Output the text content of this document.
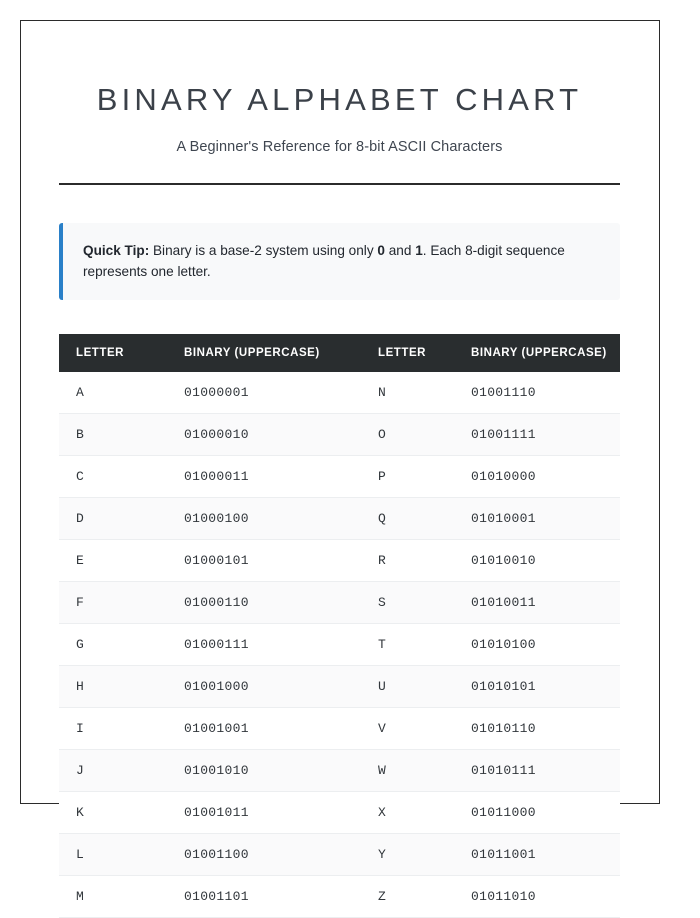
BINARY ALPHABET CHART

A Beginner's Reference for 8-bit ASCII Characters

Quick Tip: Binary is a base-2 system using only 0 and 1. Each 8-digit sequence represents one letter.

LETTER	BINARY (UPPERCASE)	LETTER	BINARY (UPPERCASE)
A	01000001	N	01001110
B	01000010	O	01001111
C	01000011	P	01010000
D	01000100	Q	01010001
E	01000101	R	01010010
F	01000110	S	01010011
G	01000111	T	01010100
H	01001000	U	01010101
I	01001001	V	01010110
J	01001010	W	01010111
K	01001011	X	01011000
L	01001100	Y	01011001
M	01001101	Z	01011010
